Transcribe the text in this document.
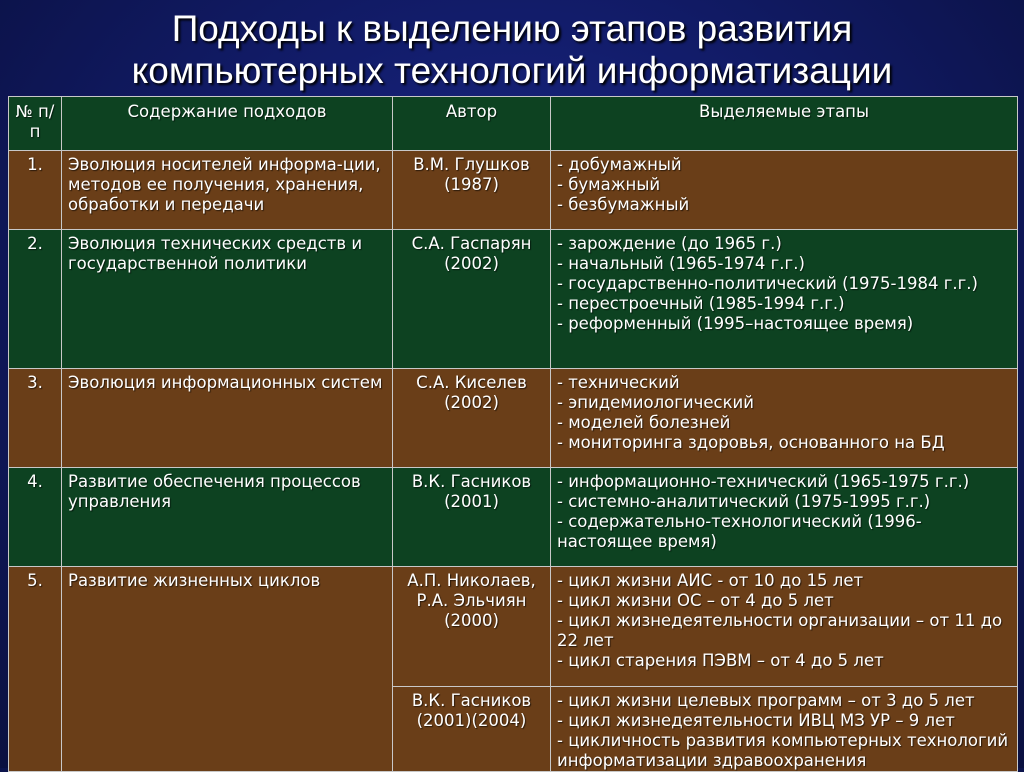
Подходы к выделению этапов развития
компьютерных технологий информатизации
№ п/п	Содержание подходов	Автор	Выделяемые этапы
1.	Эволюция носителей информа-ции, методов ее получения, хранения, обработки и передачи	В.М. Глушков (1987)	- добумажный
- бумажный
- безбумажный

2.	Эволюция технических средств и государственной политики	С.А. Гаспарян (2002)	- зарождение (до 1965 г.)
- начальный (1965-1974 г.г.)
- государственно-политический (1975-1984 г.г.)
- перестроечный (1985-1994 г.г.)
- реформенный (1995–настоящее время)

3.	Эволюция информационных систем	С.А. Киселев (2002)	- технический
- эпидемиологический
- моделей болезней
- мониторинга здоровья, основанного на БД

4.	Развитие обеспечения процессов управления	В.К. Гасников (2001)	- информационно-технический (1965-1975 г.г.)
- системно-аналитический (1975-1995 г.г.)
- содержательно-технологический (1996-настоящее время)

5.	Развитие жизненных циклов	А.П. Николаев, Р.А. Эльчиян (2000)	- цикл жизни АИС - от 10 до 15 лет
- цикл жизни ОС – от 4 до 5 лет
- цикл жизнедеятельности организации – от 11 до 22 лет
- цикл старения ПЭВМ – от 4 до 5 лет

		В.К. Гасников (2001)(2004)	- цикл жизни целевых программ – от 3 до 5 лет
- цикл жизнедеятельности ИВЦ МЗ УР – 9 лет
- цикличность развития компьютерных технологий информатизации здравоохранения
